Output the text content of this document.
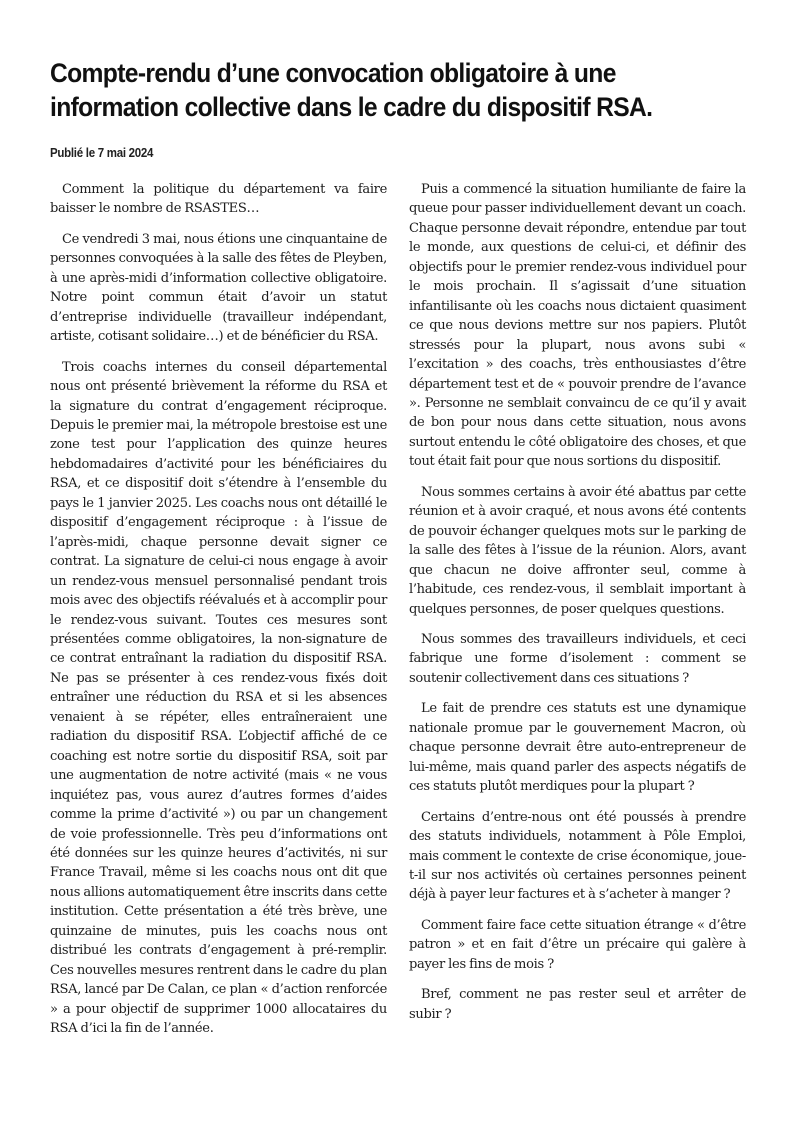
Compte-rendu d’une convocation obligatoire à une information collective dans le cadre du dispositif RSA.
Publié le 7 mai 2024

Comment la politique du département va faire baisser le nombre de RSASTES…

Ce vendredi 3 mai, nous étions une cinquantaine de personnes convoquées à la salle des fêtes de Pleyben, à une après-midi d’information collective obligatoire. Notre point commun était d’avoir un statut d’entreprise individuelle (travailleur indépendant, artiste, cotisant solidaire…) et de bénéficier du RSA.

Trois coachs internes du conseil départemental nous ont présenté brièvement la réforme du RSA et la signature du contrat d’engagement réciproque. Depuis le premier mai, la métropole brestoise est une zone test pour l’application des quinze heures hebdomadaires d’activité pour les bénéficiaires du RSA, et ce dispositif doit s’étendre à l’ensemble du pays le 1 janvier 2025. Les coachs nous ont détaillé le dispositif d’engagement réciproque : à l’issue de l’après-midi, chaque personne devait signer ce contrat. La signature de celui-ci nous engage à avoir un rendez-vous mensuel personnalisé pendant trois mois avec des objectifs réévalués et à accomplir pour le rendez-vous suivant. Toutes ces mesures sont présentées comme obligatoires, la non-signature de ce contrat entraînant la radiation du dispositif RSA. Ne pas se présenter à ces rendez-vous fixés doit entraîner une réduction du RSA et si les absences venaient à se répéter, elles entraîneraient une radiation du dispositif RSA. L’objectif affiché de ce coaching est notre sortie du dispositif RSA, soit par une augmentation de notre activité (mais « ne vous inquiétez pas, vous aurez d’autres formes d’aides comme la prime d’activité ») ou par un changement de voie professionnelle. Très peu d’informations ont été données sur les quinze heures d’activités, ni sur France Travail, même si les coachs nous ont dit que nous allions automatiquement être inscrits dans cette institution. Cette présentation a été très brève, une quinzaine de minutes, puis les coachs nous ont distribué les contrats d’engagement à pré-remplir. Ces nouvelles mesures rentrent dans le cadre du plan RSA, lancé par De Calan, ce plan « d’action renforcée » a pour objectif de supprimer 1000 allocataires du RSA d’ici la fin de l’année.

Puis a commencé la situation humiliante de faire la queue pour passer individuellement devant un coach. Chaque personne devait répondre, entendue par tout le monde, aux questions de celui-ci, et définir des objectifs pour le premier rendez-vous individuel pour le mois prochain. Il s’agissait d’une situation infantilisante où les coachs nous dictaient quasiment ce que nous devions mettre sur nos papiers. Plutôt stressés pour la plupart, nous avons subi « l’excitation » des coachs, très enthousiastes d’être département test et de « pouvoir prendre de l’avance ». Personne ne semblait convaincu de ce qu’il y avait de bon pour nous dans cette situation, nous avons surtout entendu le côté obligatoire des choses, et que tout était fait pour que nous sortions du dispositif.

Nous sommes certains à avoir été abattus par cette réunion et à avoir craqué, et nous avons été contents de pouvoir échanger quelques mots sur le parking de la salle des fêtes à l’issue de la réunion. Alors, avant que chacun ne doive affronter seul, comme à l’habitude, ces rendez-vous, il semblait important à quelques personnes, de poser quelques questions.

Nous sommes des travailleurs individuels, et ceci fabrique une forme d’isolement : comment se soutenir collectivement dans ces situations ?

Le fait de prendre ces statuts est une dynamique nationale promue par le gouvernement Macron, où chaque personne devrait être auto-entrepreneur de lui-même, mais quand parler des aspects négatifs de ces statuts plutôt merdiques pour la plupart ?

Certains d’entre-nous ont été poussés à prendre des statuts individuels, notamment à Pôle Emploi, mais comment le contexte de crise économique, joue-t-il sur nos activités où certaines personnes peinent déjà à payer leur factures et à s’acheter à manger ?

Comment faire face cette situation étrange « d’être patron » et en fait d’être un précaire qui galère à payer les fins de mois ?

Bref, comment ne pas rester seul et arrêter de subir ?
